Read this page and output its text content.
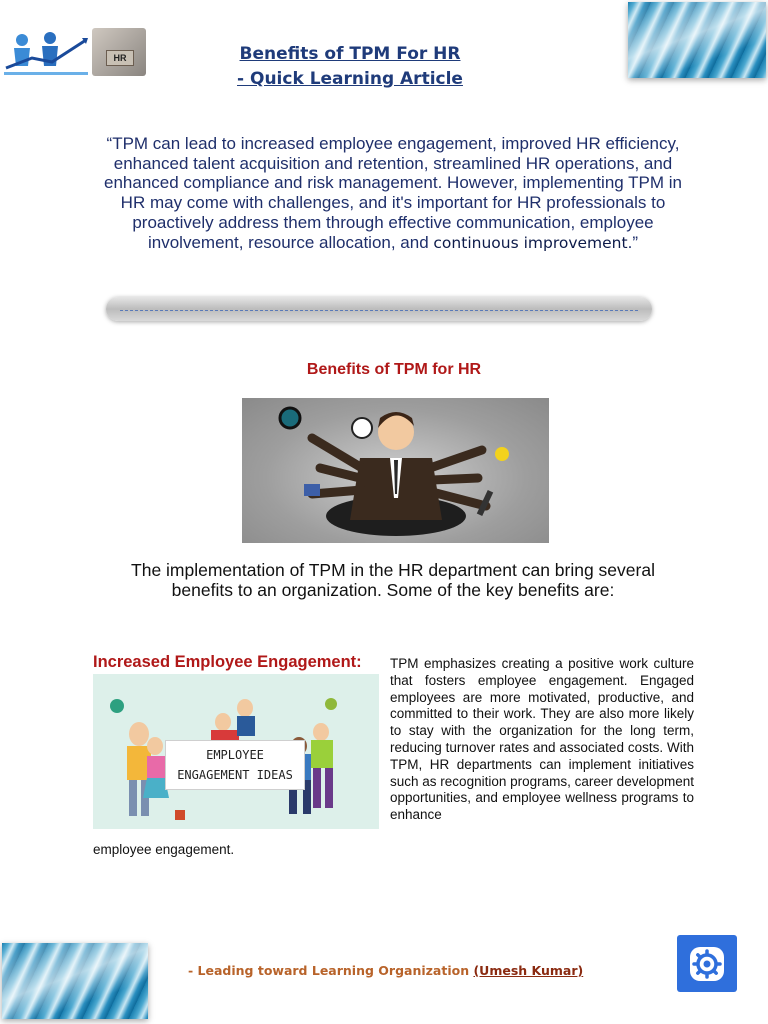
HR	Benefits of TPM For HR
- Quick Learning Article
“TPM can lead to increased employee engagement, improved HR efficiency, enhanced talent acquisition and retention, streamlined HR operations, and enhanced compliance and risk management. However, implementing TPM in HR may come with challenges, and it's important for HR professionals to proactively address them through effective communication, employee involvement, resource allocation, and continuous improvement.”
Benefits of TPM for HR
The implementation of TPM in the HR department can bring several benefits to an organization. Some of the key benefits are:
Increased Employee Engagement:
EMPLOYEE
ENGAGEMENT IDEAS
TPM emphasizes creating a positive work culture that fosters employee engagement. Engaged employees are more motivated, productive, and committed to their work. They are also more likely to stay with the organization for the long term, reducing turnover rates and associated costs. With TPM, HR departments can implement initiatives such as recognition programs, career development opportunities, and employee wellness programs to enhance
employee engagement.
- Leading toward Learning Organization (Umesh Kumar)
